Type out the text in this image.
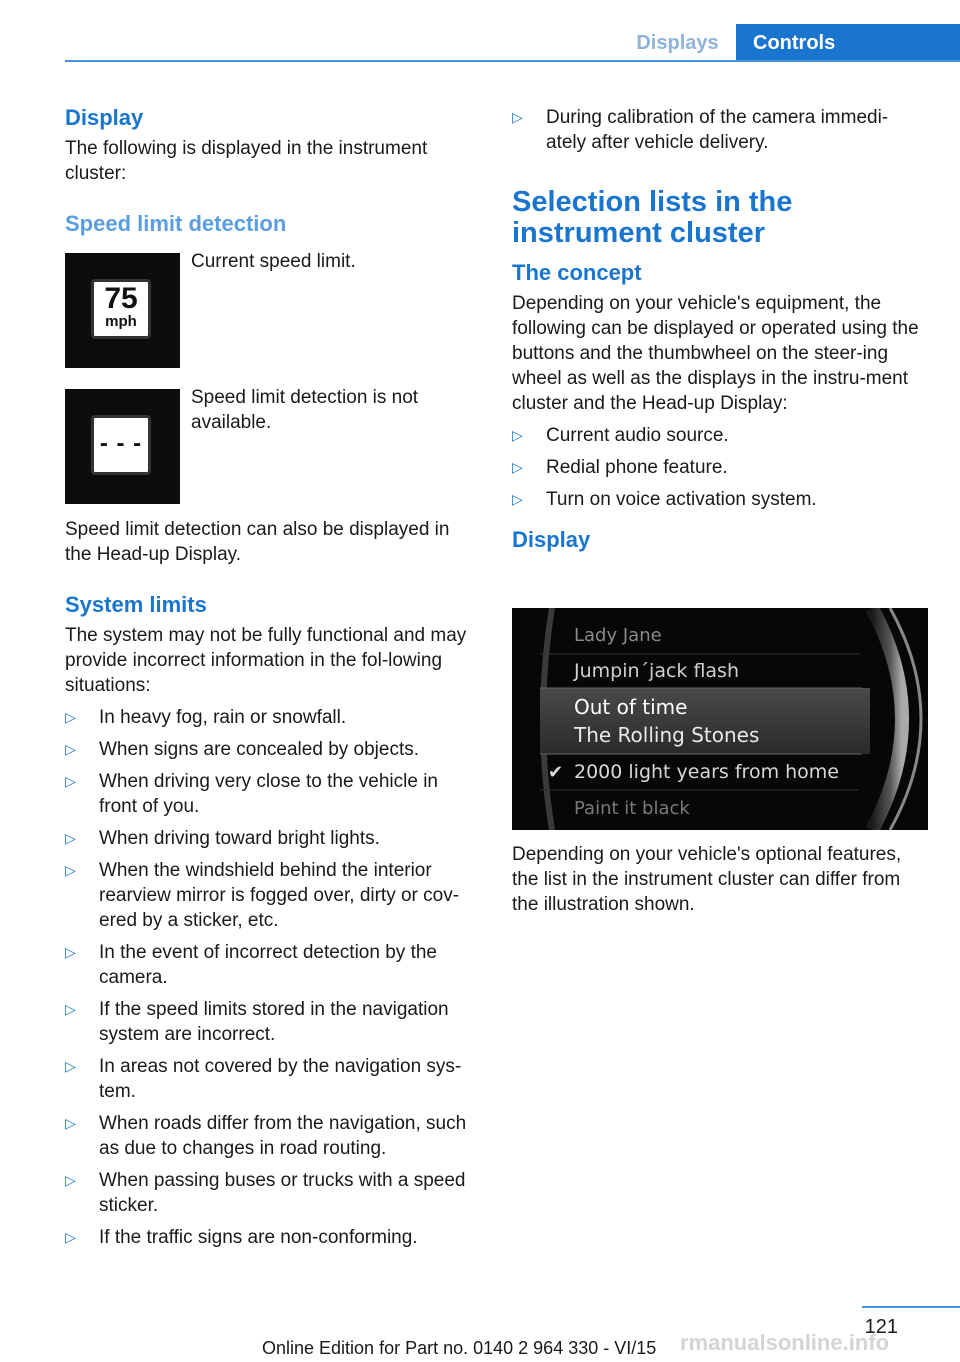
Displays	Controls

Display

The following is displayed in the instrument cluster:

Speed limit detection

75
mph

Current speed limit.

- - -

Speed limit detection is not available.

Speed limit detection can also be displayed in the Head-up Display.

System limits

The system may not be fully functional and may provide incorrect information in the fol‐lowing situations:

▷ In heavy fog, rain or snowfall.
▷ When signs are concealed by objects.
▷ When driving very close to the vehicle in front of you.
▷ When driving toward bright lights.
▷ When the windshield behind the interior rearview mirror is fogged over, dirty or cov‐ered by a sticker, etc.
▷ In the event of incorrect detection by the camera.
▷ If the speed limits stored in the navigation system are incorrect.
▷ In areas not covered by the navigation sys‐tem.
▷ When roads differ from the navigation, such as due to changes in road routing.
▷ When passing buses or trucks with a speed sticker.
▷ If the traffic signs are non-conforming.
▷ During calibration of the camera immedi‐ately after vehicle delivery.

Selection lists in the instrument cluster

The concept

Depending on your vehicle's equipment, the following can be displayed or operated using the buttons and the thumbwheel on the steer‐ing wheel as well as the displays in the instru‐ment cluster and the Head-up Display:

▷ Current audio source.
▷ Redial phone feature.
▷ Turn on voice activation system.

Display

Lady Jane
Jumpin´jack flash
Out of time
The Rolling Stones
✔ 2000 light years from home
Paint it black

Depending on your vehicle's optional features, the list in the instrument cluster can differ from the illustration shown.

121
Online Edition for Part no. 0140 2 964 330 - VI/15 rmanualsonline.info
